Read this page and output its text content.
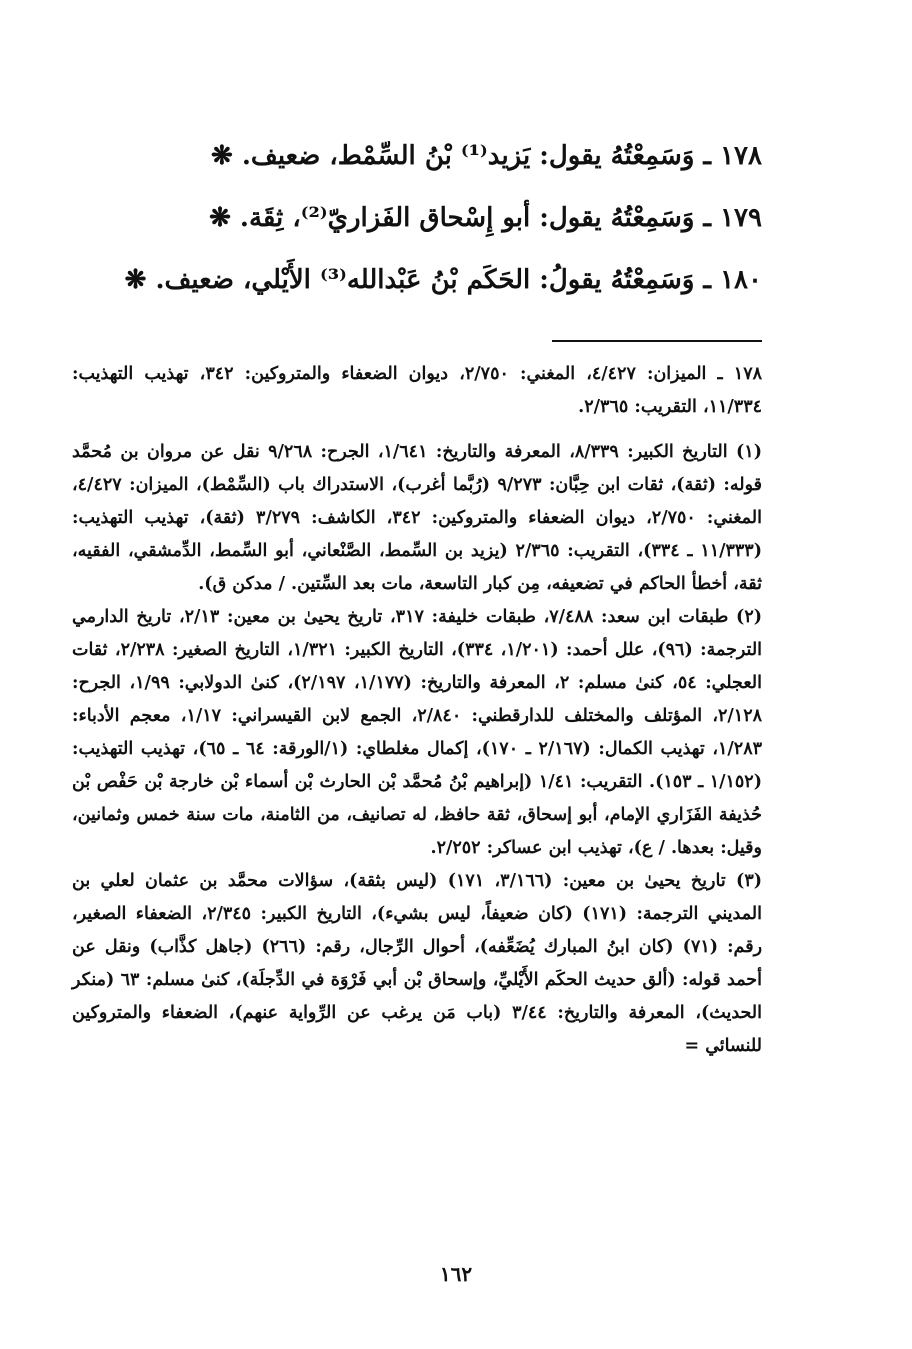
١٧٨ ـ وَسَمِعْتُهُ يقول: يَزيد⁽¹⁾ بْنُ السِّمْط، ضعيف. ❋
١٧٩ ـ وَسَمِعْتُهُ يقول: أبو إِسْحاق الفَزاريّ⁽²⁾، ثِقَة. ❋
١٨٠ ـ وَسَمِعْتُهُ يقولُ: الحَكَم بْنُ عَبْدالله⁽³⁾ الأَيْلي، ضعيف. ❋

١٧٨ ـ الميزان: ٤/٤٢٧، المغني: ٢/٧٥٠، ديوان الضعفاء والمتروكين: ٣٤٢، تهذيب التهذيب: ١١/٣٣٤، التقريب: ٢/٣٦٥.

(١) التاريخ الكبير: ٨/٣٣٩، المعرفة والتاريخ: ١/٦٤١، الجرح: ٩/٢٦٨ نقل عن مروان بن مُحمَّد قوله: (ثقة)، ثقات ابن حِبَّان: ٩/٢٧٣ (رُبَّما أغرب)، الاستدراك باب (السِّمْط)، الميزان: ٤/٤٢٧، المغني: ٢/٧٥٠، ديوان الضعفاء والمتروكين: ٣٤٢، الكاشف: ٣/٢٧٩ (ثقة)، تهذيب التهذيب: (١١/٣٣٣ ـ ٣٣٤)، التقريب: ٢/٣٦٥ (يزيد بن السِّمط، الصَّنْعاني، أبو السِّمط، الدِّمشقي، الفقيه، ثقة، أخطأ الحاكم في تضعيفه، مِن كبار التاسعة، مات بعد السِّتين. / مدكن ق).

(٢) طبقات ابن سعد: ٧/٤٨٨، طبقات خليفة: ٣١٧، تاريخ يحيىٰ بن معين: ٢/١٣، تاريخ الدارمي الترجمة: (٩٦)، علل أحمد: (١/٢٠١، ٣٣٤)، التاريخ الكبير: ١/٣٢١، التاريخ الصغير: ٢/٢٣٨، ثقات العجلي: ٥٤، كنىٰ مسلم: ٢، المعرفة والتاريخ: (١/١٧٧، ٢/١٩٧)، كنىٰ الدولابي: ١/٩٩، الجرح: ٢/١٢٨، المؤتلف والمختلف للدارقطني: ٢/٨٤٠، الجمع لابن القيسراني: ١/١٧، معجم الأدباء: ١/٢٨٣، تهذيب الكمال: (٢/١٦٧ ـ ١٧٠)، إكمال مغلطاي: (١/الورقة: ٦٤ ـ ٦٥)، تهذيب التهذيب: (١/١٥٢ ـ ١٥٣). التقريب: ١/٤١ (إبراهيم بْنُ مُحمَّد بْن الحارث بْن أسماء بْن خارجة بْن حَفْص بْن حُذيفة الفَزَاري الإمام، أبو إسحاق، ثقة حافظ، له تصانيف، من الثامنة، مات سنة خمس وثمانين، وقيل: بعدها. / ع)، تهذيب ابن عساكر: ٢/٢٥٢.

(٣) تاريخ يحيىٰ بن معين: (٣/١٦٦، ١٧١) (ليس بثقة)، سؤالات محمَّد بن عثمان لعلي بن المديني الترجمة: (١٧١) (كان ضعيفاً، ليس بشيء)، التاريخ الكبير: ٢/٣٤٥، الضعفاء الصغير، رقم: (٧١) (كان ابنُ المبارك يُضَعِّفه)، أحوال الرِّجال، رقم: (٢٦٦) (جاهل كذَّاب) ونقل عن أحمد قوله: (ألق حديث الحكَم الأَيْليِّ، وإسحاق بْن أبي فَرْوَة في الدِّجلَة)، كنىٰ مسلم: ٦٣ (منكر الحديث)، المعرفة والتاريخ: ٣/٤٤ (باب مَن يرغب عن الرِّواية عنهم)، الضعفاء والمتروكين للنسائي =

١٦٢
